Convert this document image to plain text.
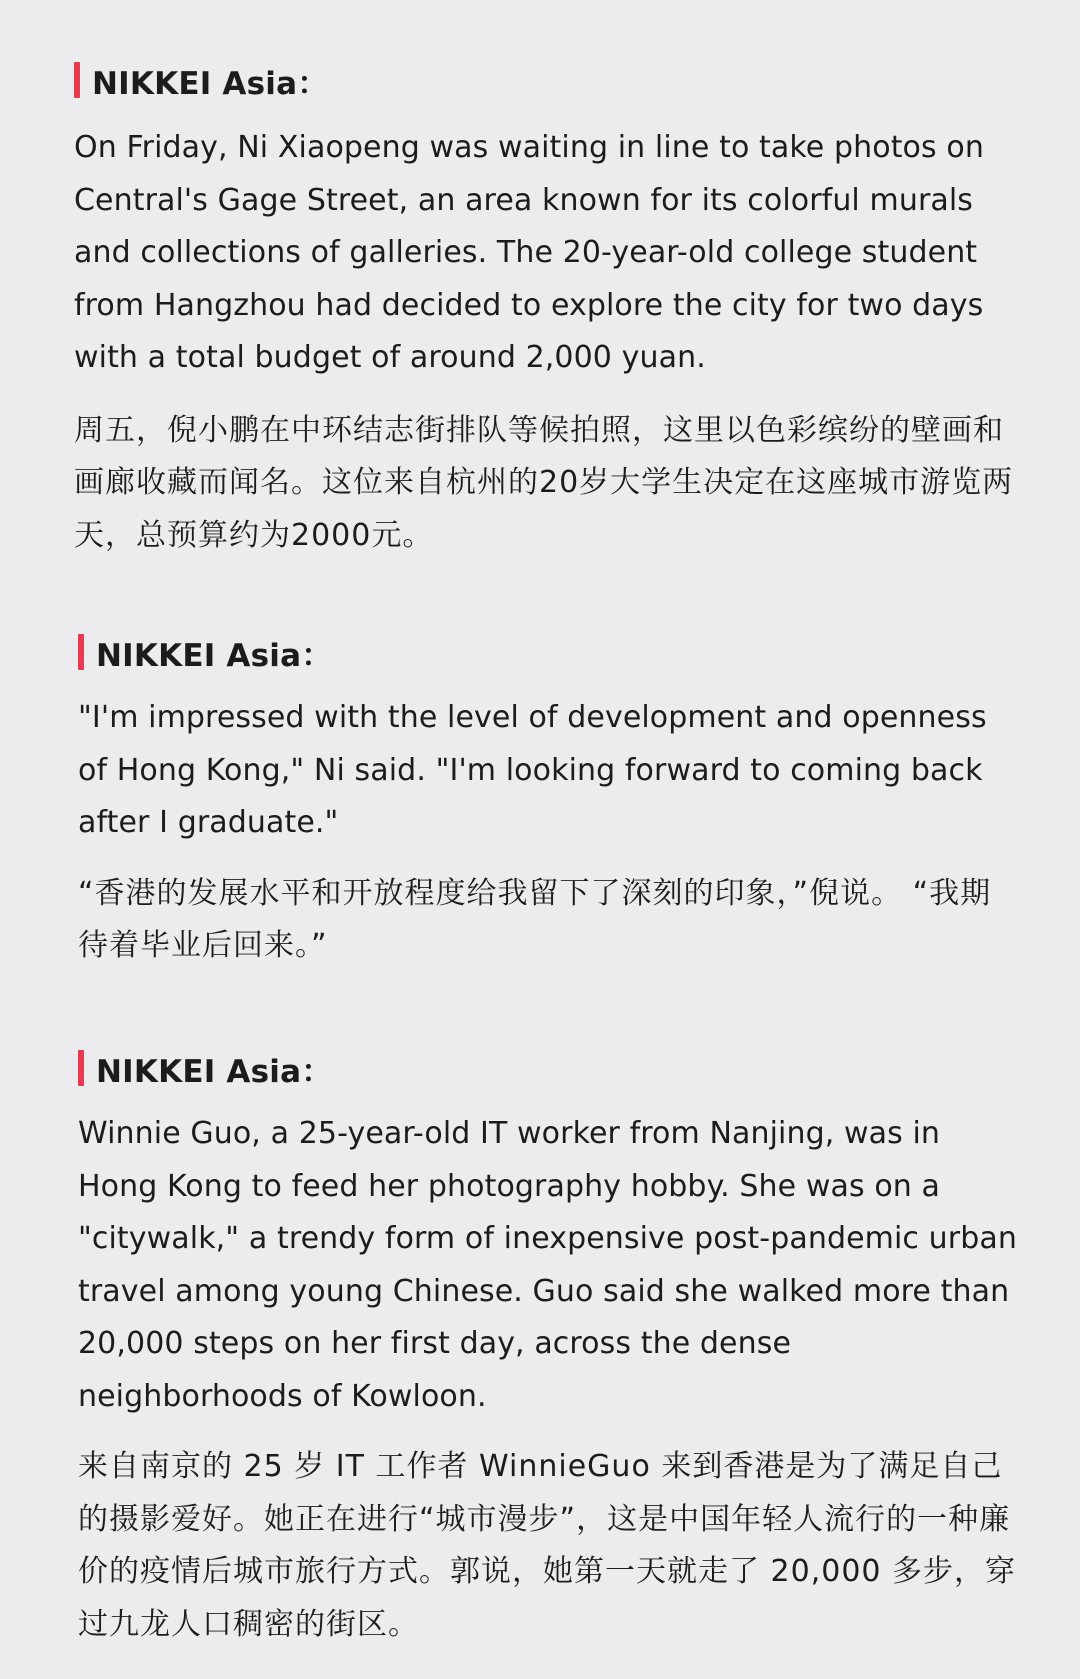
NIKKEI Asia：

On Friday, Ni Xiaopeng was waiting in line to take photos on Central's Gage Street, an area known for its colorful murals and collections of galleries. The 20-year-old college student from Hangzhou had decided to explore the city for two days with a total budget of around 2,000 yuan.

周五，倪小鹏在中环结志街排队等候拍照，这里以色彩缤纷的壁画和画廊收藏而闻名。这位来自杭州的20岁大学生决定在这座城市游览两天，总预算约为2000元。

NIKKEI Asia：

"I'm impressed with the level of development and openness of Hong Kong," Ni said. "I'm looking forward to coming back after I graduate."

“香港的发展水平和开放程度给我留下了深刻的印象，”倪说。 “我期待着毕业后回来。”

NIKKEI Asia：

Winnie Guo, a 25-year-old IT worker from Nanjing, was in Hong Kong to feed her photography hobby. She was on a "citywalk," a trendy form of inexpensive post-pandemic urban travel among young Chinese. Guo said she walked more than 20,000 steps on her first day, across the dense neighborhoods of Kowloon.

来自南京的 25 岁 IT 工作者 WinnieGuo 来到香港是为了满足自己的摄影爱好。她正在进行“城市漫步”，这是中国年轻人流行的一种廉价的疫情后城市旅行方式。郭说，她第一天就走了 20,000 多步，穿过九龙人口稠密的街区。
